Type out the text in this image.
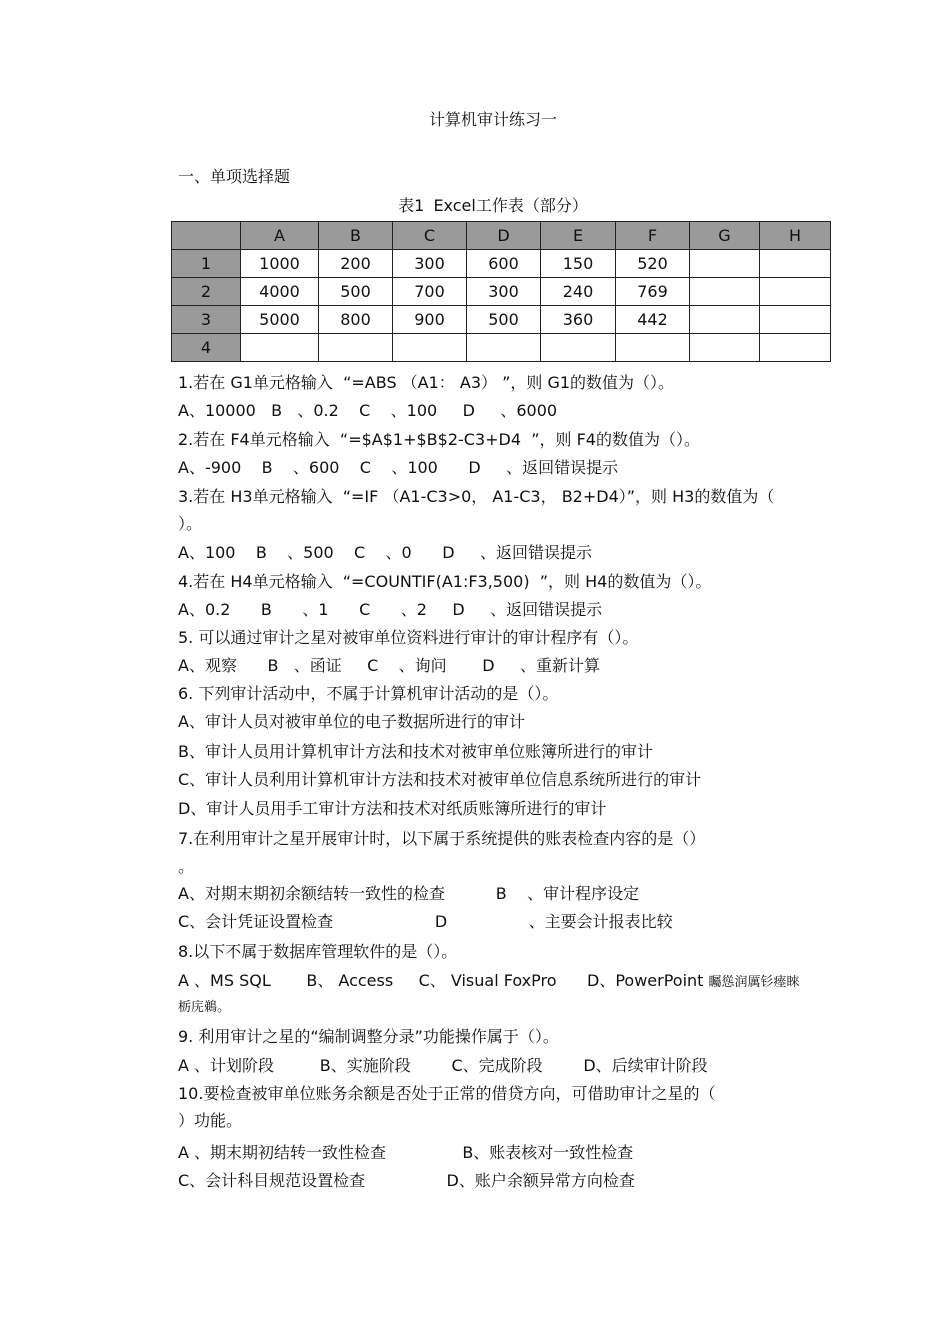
计算机审计练习一
一、单项选择题
表1 Excel工作表（部分）
	A	B	C	D	E	F	G	H
1	1000	200	300	600	150	520		
2	4000	500	700	300	240	769		
3	5000	800	900	500	360	442		
4								
1.若在 G1单元格输入  “=ABS （A1： A3） ”，则 G1的数值为（）。
A、10000   B   、0.2    C    、100     D     、6000
2.若在 F4单元格输入  “=$A$1+$B$2-C3+D4  ”，则 F4的数值为（）。
A、-900    B    、600    C    、100      D     、返回错误提示
3.若在 H3单元格输入  “=IF （A1-C3>0， A1-C3， B2+D4）”，则 H3的数值为（
）。
A、100    B    、500    C    、0      D     、返回错误提示
4.若在 H4单元格输入  “=COUNTIF(A1:F3,500)  ”，则 H4的数值为（）。
A、0.2      B      、1      C      、2     D     、返回错误提示
5. 可以通过审计之星对被审单位资料进行审计的审计程序有（）。
A、观察      B   、函证     C    、询问       D     、重新计算
6. 下列审计活动中，不属于计算机审计活动的是（）。
A、审计人员对被审单位的电子数据所进行的审计
B、审计人员用计算机审计方法和技术对被审单位账簿所进行的审计
C、审计人员利用计算机审计方法和技术对被审单位信息系统所进行的审计
D、审计人员用手工审计方法和技术对纸质账簿所进行的审计
7.在利用审计之星开展审计时，以下属于系统提供的账表检查内容的是（）
。
A、对期末期初余额结转一致性的检查          B    、审计程序设定
C、会计凭证设置检查                    D                、主要会计报表比较
8.以下不属于数据库管理软件的是（）。
A 、MS SQL       B、 Access     C、 Visual FoxPro      D、PowerPoint 矚慫润厲钐瘗睞
栃庑鵜。
9. 利用审计之星的“编制调整分录”功能操作属于（）。
A 、计划阶段         B、实施阶段        C、完成阶段        D、后续审计阶段
10.要检查被审单位账务余额是否处于正常的借贷方向，可借助审计之星的（
）功能。
A 、期末期初结转一致性检查               B、账表核对一致性检查
C、会计科目规范设置检查                D、账户余额异常方向检查
